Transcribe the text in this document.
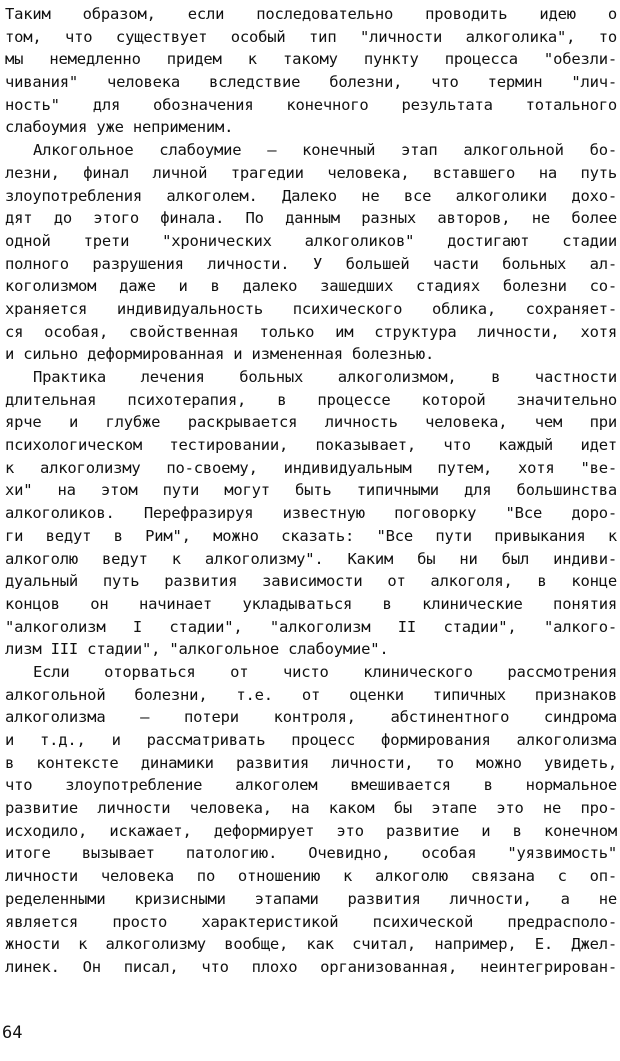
Таким образом, если последовательно проводить идею о
том, что существует особый тип "личности алкоголика", то
мы немедленно придем к такому пункту процесса "обезли-
чивания" человека вследствие болезни, что термин "лич-
ность" для обозначения конечного результата тотального
слабоумия уже неприменим.
Алкогольное слабоумие – конечный этап алкогольной бо-
лезни, финал личной трагедии человека, вставшего на путь
злоупотребления алкоголем. Далеко не все алкоголики дохо-
дят до этого финала. По данным разных авторов, не более
одной трети "хронических алкоголиков" достигают стадии
полного разрушения личности. У большей части больных ал-
коголизмом даже и в далеко зашедших стадиях болезни со-
храняется индивидуальность психического облика, сохраняет-
ся особая, свойственная только им структура личности, хотя
и сильно деформированная и измененная болезнью.
Практика лечения больных алкоголизмом, в частности
длительная психотерапия, в процессе которой значительно
ярче и глубже раскрывается личность человека, чем при
психологическом тестировании, показывает, что каждый идет
к алкоголизму по-своему, индивидуальным путем, хотя "ве-
хи" на этом пути могут быть типичными для большинства
алкоголиков. Перефразируя известную поговорку "Все доро-
ги ведут в Рим", можно сказать: "Все пути привыкания к
алкоголю ведут к алкоголизму". Каким бы ни был индиви-
дуальный путь развития зависимости от алкоголя, в конце
концов он начинает укладываться в клинические понятия
"алкоголизм I стадии", "алкоголизм II стадии", "алкого-
лизм III стадии", "алкогольное слабоумие".
Если оторваться от чисто клинического рассмотрения
алкогольной болезни, т.е. от оценки типичных признаков
алкоголизма – потери контроля, абстинентного синдрома
и т.д., и рассматривать процесс формирования алкоголизма
в контексте динамики развития личности, то можно увидеть,
что злоупотребление алкоголем вмешивается в нормальное
развитие личности человека, на каком бы этапе это не про-
исходило, искажает, деформирует это развитие и в конечном
итоге вызывает патологию. Очевидно, особая "уязвимость"
личности человека по отношению к алкоголю связана с оп-
ределенными кризисными этапами развития личности, а не
является просто характеристикой психической предрасполо-
жности к алкоголизму вообще, как считал, например, Е. Джел-
линек. Он писал, что плохо организованная, неинтегрирован-
64
